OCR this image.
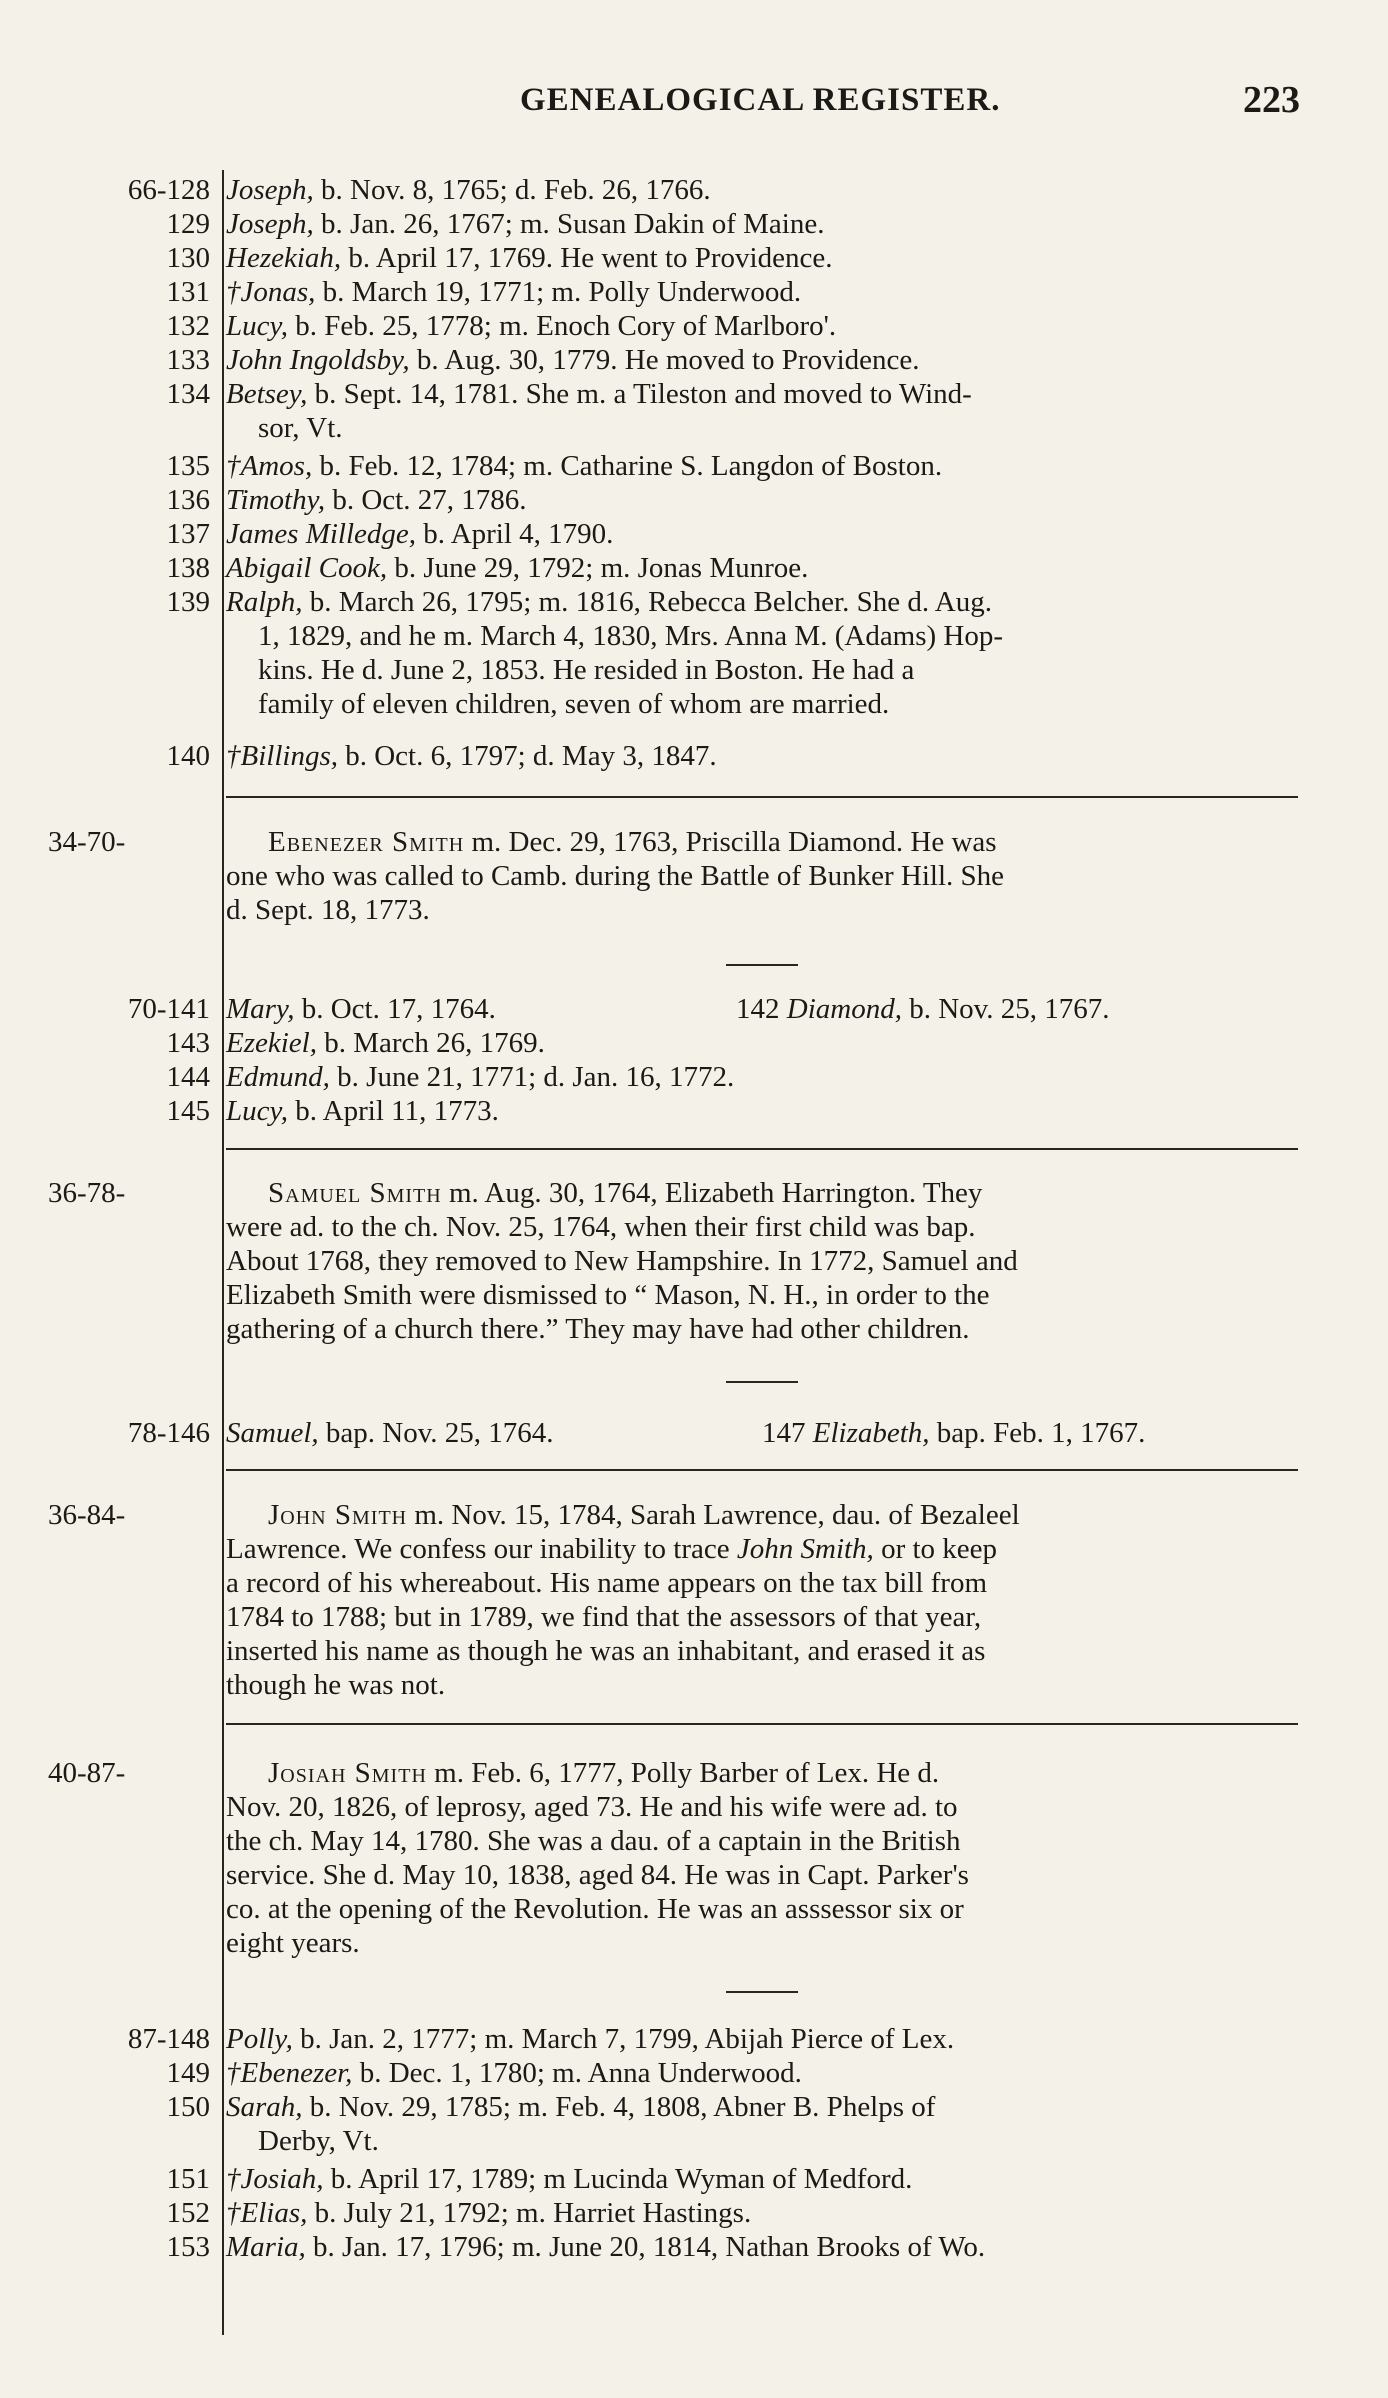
GENEALOGICAL REGISTER.	223
66-128 Joseph, b. Nov. 8, 1765; d. Feb. 26, 1766.
129 Joseph, b. Jan. 26, 1767; m. Susan Dakin of Maine.
130 Hezekiah, b. April 17, 1769. He went to Providence.
131 †Jonas, b. March 19, 1771; m. Polly Underwood.
132 Lucy, b. Feb. 25, 1778; m. Enoch Cory of Marlboro'.
133 John Ingoldsby, b. Aug. 30, 1779. He moved to Providence.
134 Betsey, b. Sept. 14, 1781. She m. a Tileston and moved to Wind-
sor, Vt.
135 †Amos, b. Feb. 12, 1784; m. Catharine S. Langdon of Boston.
136 Timothy, b. Oct. 27, 1786.
137 James Milledge, b. April 4, 1790.
138 Abigail Cook, b. June 29, 1792; m. Jonas Munroe.
139 Ralph, b. March 26, 1795; m. 1816, Rebecca Belcher. She d. Aug.
1, 1829, and he m. March 4, 1830, Mrs. Anna M. (Adams) Hop-
kins. He d. June 2, 1853. He resided in Boston. He had a
family of eleven children, seven of whom are married.
140 †Billings, b. Oct. 6, 1797; d. May 3, 1847.
34-70-	Ebenezer Smith m. Dec. 29, 1763, Priscilla Diamond. He was
one who was called to Camb. during the Battle of Bunker Hill. She
d. Sept. 18, 1773.
70-141 Mary, b. Oct. 17, 1764.	142 Diamond, b. Nov. 25, 1767.
143 Ezekiel, b. March 26, 1769.
144 Edmund, b. June 21, 1771; d. Jan. 16, 1772.
145 Lucy, b. April 11, 1773.
36-78-	Samuel Smith m. Aug. 30, 1764, Elizabeth Harrington. They
were ad. to the ch. Nov. 25, 1764, when their first child was bap.
About 1768, they removed to New Hampshire. In 1772, Samuel and
Elizabeth Smith were dismissed to “ Mason, N. H., in order to the
gathering of a church there.” They may have had other children.
78-146 Samuel, bap. Nov. 25, 1764.	147 Elizabeth, bap. Feb. 1, 1767.
36-84-	John Smith m. Nov. 15, 1784, Sarah Lawrence, dau. of Bezaleel
Lawrence. We confess our inability to trace John Smith, or to keep
a record of his whereabout. His name appears on the tax bill from
1784 to 1788; but in 1789, we find that the assessors of that year,
inserted his name as though he was an inhabitant, and erased it as
though he was not.
40-87-	Josiah Smith m. Feb. 6, 1777, Polly Barber of Lex. He d.
Nov. 20, 1826, of leprosy, aged 73. He and his wife were ad. to
the ch. May 14, 1780. She was a dau. of a captain in the British
service. She d. May 10, 1838, aged 84. He was in Capt. Parker's
co. at the opening of the Revolution. He was an asssessor six or
eight years.
87-148 Polly, b. Jan. 2, 1777; m. March 7, 1799, Abijah Pierce of Lex.
149 †Ebenezer, b. Dec. 1, 1780; m. Anna Underwood.
150 Sarah, b. Nov. 29, 1785; m. Feb. 4, 1808, Abner B. Phelps of
Derby, Vt.
151 †Josiah, b. April 17, 1789; m Lucinda Wyman of Medford.
152 †Elias, b. July 21, 1792; m. Harriet Hastings.
153 Maria, b. Jan. 17, 1796; m. June 20, 1814, Nathan Brooks of Wo.
